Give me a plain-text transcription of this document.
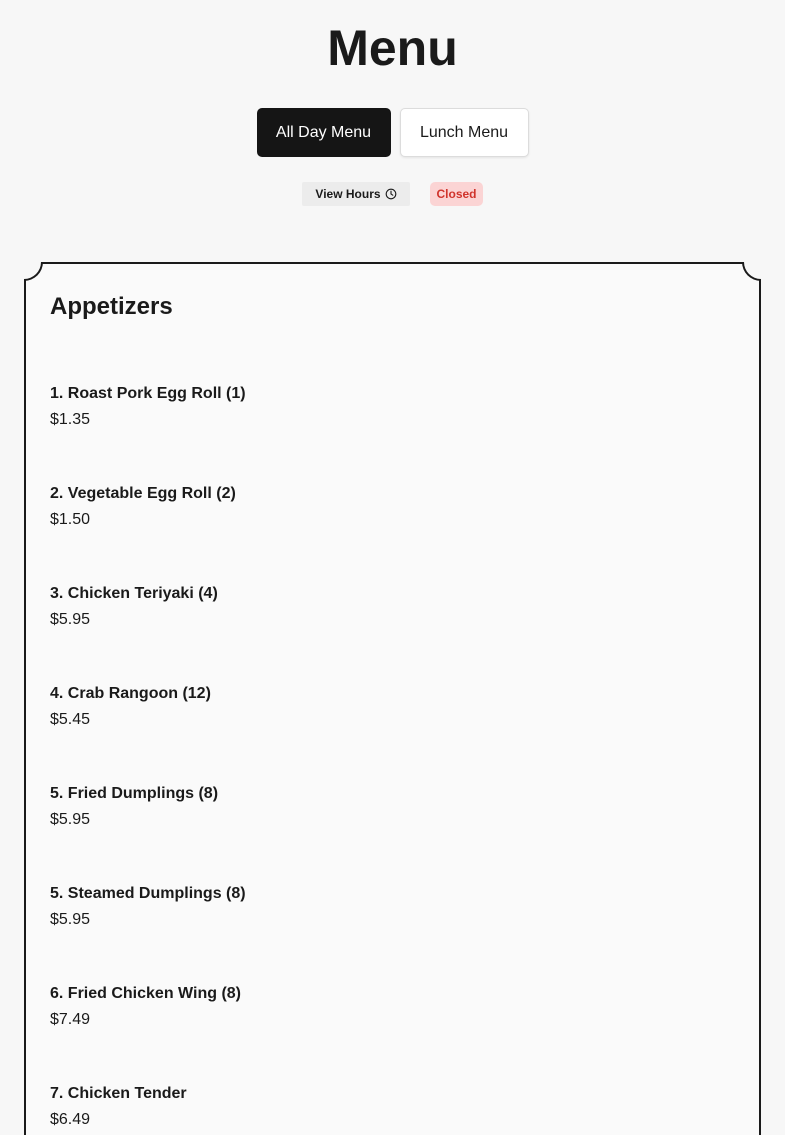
Menu
All Day Menu	Lunch Menu
View Hours	Closed
Appetizers
1. Roast Pork Egg Roll (1)
$1.35
2. Vegetable Egg Roll (2)
$1.50
3. Chicken Teriyaki (4)
$5.95
4. Crab Rangoon (12)
$5.45
5. Fried Dumplings (8)
$5.95
5. Steamed Dumplings (8)
$5.95
6. Fried Chicken Wing (8)
$7.49
7. Chicken Tender
$6.49
